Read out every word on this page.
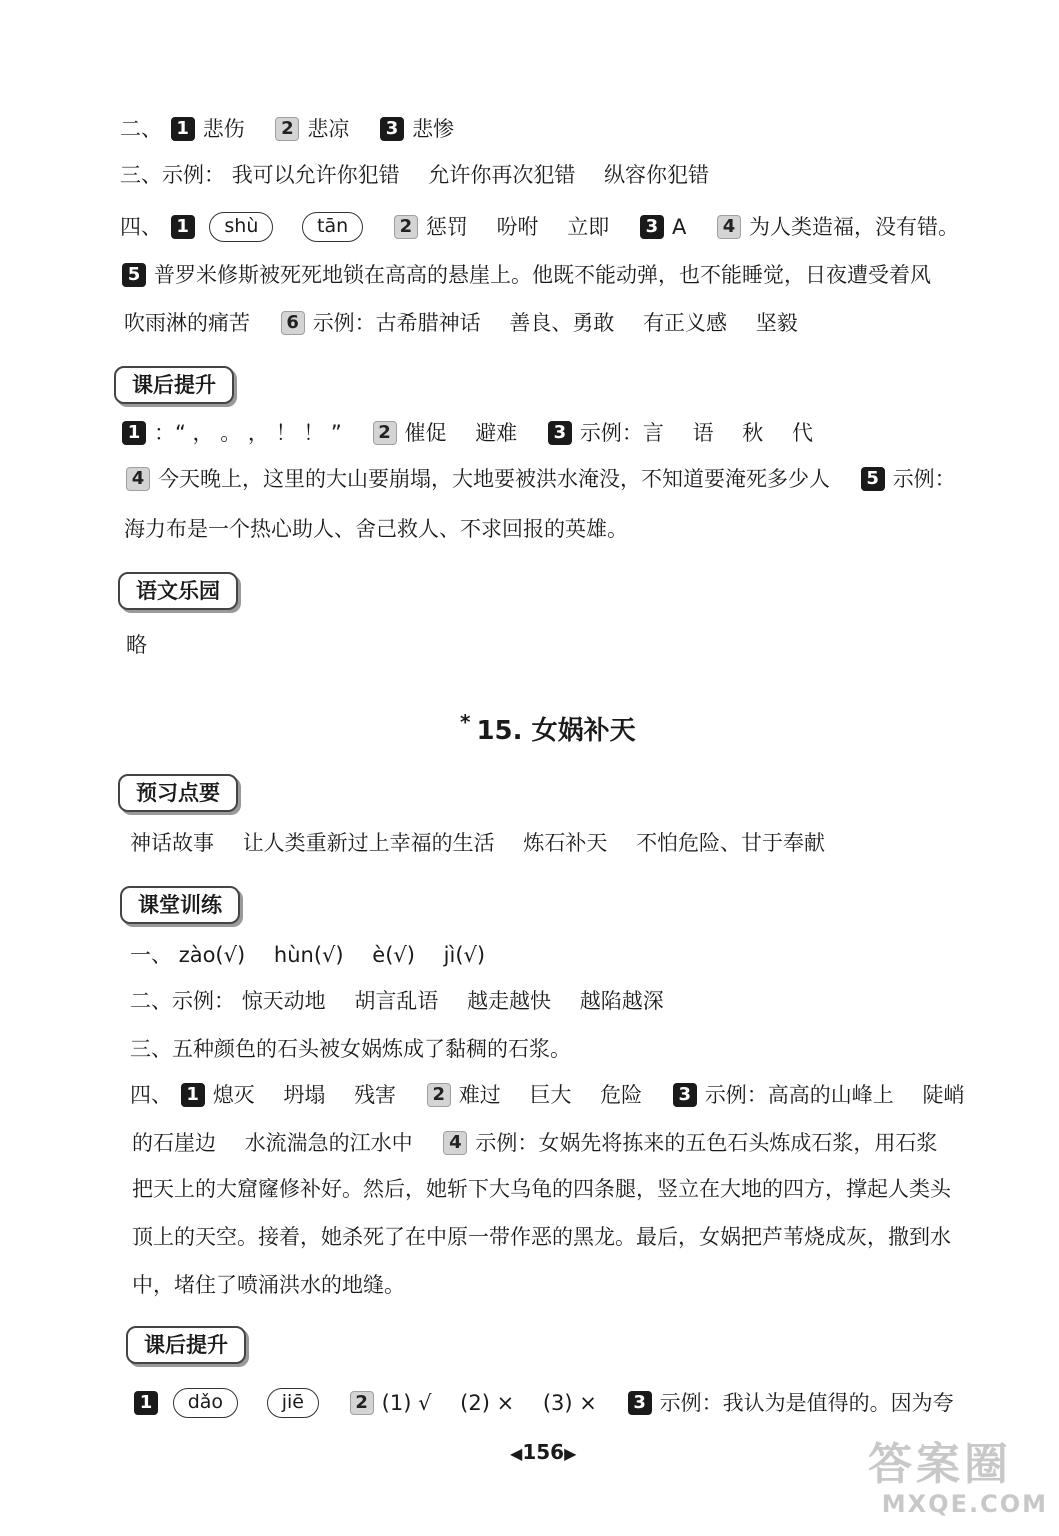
二、 1 悲伤 2 悲凉 3 悲惨
三、示例： 我可以允许你犯错 允许你再次犯错 纵容你犯错
四、 1 shù	tān	2 惩罚 吩咐 立即 3 A 4 为人类造福，没有错。
5 普罗米修斯被死死地锁在高高的悬崖上。他既不能动弹，也不能睡觉，日夜遭受着风
吹雨淋的痛苦 6 示例：古希腊神话 善良、勇敢 有正义感 坚毅
课后提升
1 ：“ ， 。 ， ！ ！ ” 2 催促 避难 3 示例：言 语 秋 代
4 今天晚上，这里的大山要崩塌，大地要被洪水淹没，不知道要淹死多少人 5 示例：
海力布是一个热心助人、舍己救人、不求回报的英雄。
语文乐园
略
* 15. 女娲补天
预习点要
神话故事 让人类重新过上幸福的生活 炼石补天 不怕危险、甘于奉献
课堂训练
一、 zào(√) hùn(√) è(√) jì(√)
二、示例： 惊天动地 胡言乱语 越走越快 越陷越深
三、五种颜色的石头被女娲炼成了黏稠的石浆。
四、 1 熄灭 坍塌 残害 2 难过 巨大 危险 3 示例：高高的山峰上 陡峭
的石崖边 水流湍急的江水中 4 示例：女娲先将拣来的五色石头炼成石浆，用石浆
把天上的大窟窿修补好。然后，她斩下大乌龟的四条腿，竖立在大地的四方，撑起人类头
顶上的天空。接着，她杀死了在中原一带作恶的黑龙。最后，女娲把芦苇烧成灰，撒到水
中，堵住了喷涌洪水的地缝。
课后提升
1 dǎo	jiē	2 (1) √ (2) × (3) × 3 示例：我认为是值得的。因为夸
◀156▶	答案圈
MXQE.COM
